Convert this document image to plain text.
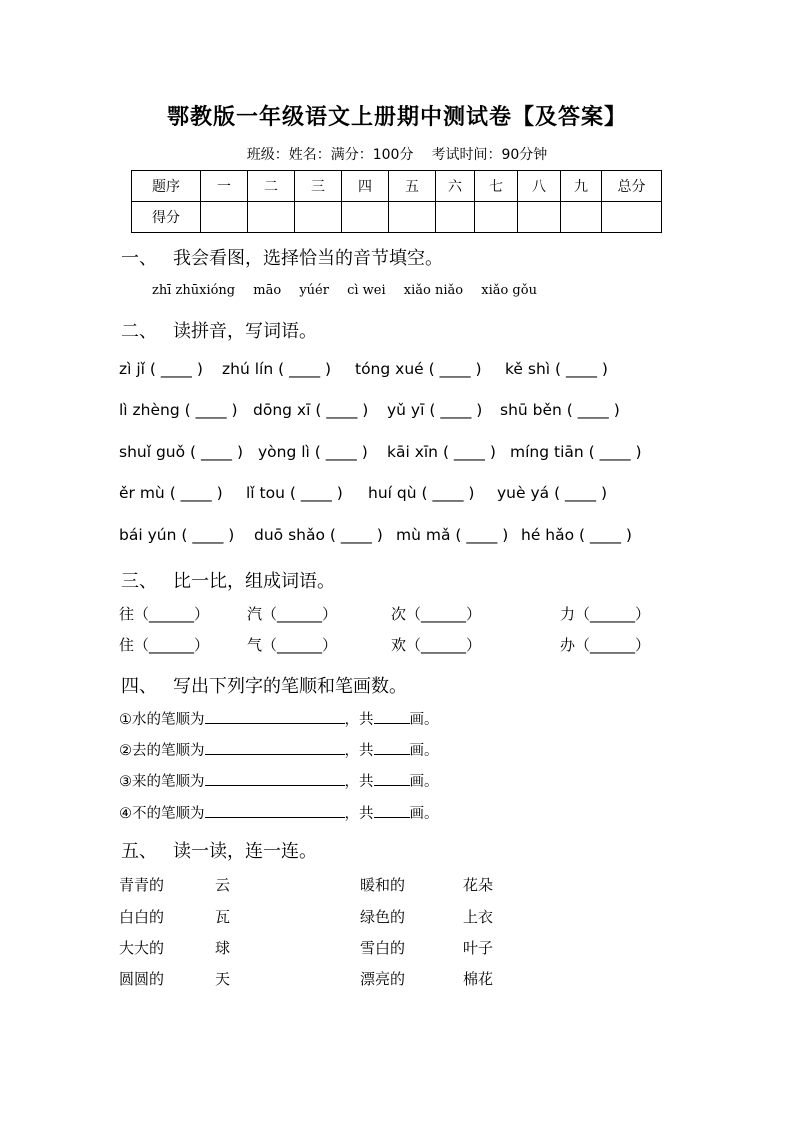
鄂教版一年级语文上册期中测试卷【及答案】
班级：姓名：满分：100分 考试时间：90分钟
题序	一	二	三	四	五	六	七	八	九	总分
得分										
一、 我会看图，选择恰当的音节填空。
zhī zhūxióng māo yúér cì wei xiǎo niǎo xiǎo gǒu
二、 读拼音，写词语。
zì jǐ ( ____ ) zhú lín ( ____ ) tóng xué ( ____ ) kě shì ( ____ )
lì zhèng ( ____ ) dōng xī ( ____ ) yǔ yī ( ____ ) shū běn ( ____ )
shuǐ guǒ ( ____ ) yòng lì ( ____ ) kāi xīn ( ____ ) míng tiān ( ____ )
ěr mù ( ____ ) lǐ tou ( ____ ) huí qù ( ____ ) yuè yá ( ____ )
bái yún ( ____ ) duō shǎo ( ____ ) mù mǎ ( ____ ) hé hǎo ( ____ )
三、 比一比，组成词语。
往（______）	汽（______）	次（______）	力（______）
住（______）	气（______）	欢（______）	办（______）
四、 写出下列字的笔顺和笔画数。
①水的笔顺为	，共 画。
②去的笔顺为	，共 画。
③来的笔顺为	，共 画。
④不的笔顺为	，共 画。
五、 读一读，连一连。
青青的	云	暖和的	花朵
白白的	瓦	绿色的	上衣
大大的	球	雪白的	叶子
圆圆的	天	漂亮的	棉花
